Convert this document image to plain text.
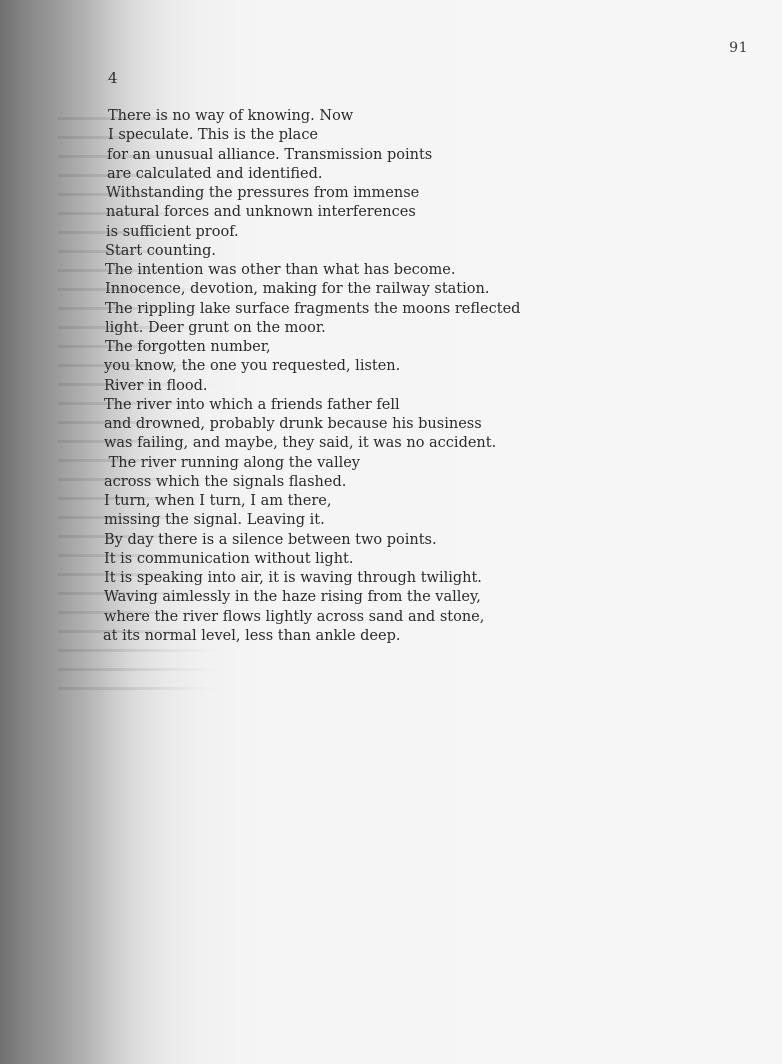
91
4
There is no way of knowing. Now
I speculate. This is the place
for an unusual alliance. Transmission points
are calculated and identified.
Withstanding the pressures from immense
natural forces and unknown interferences
is sufficient proof.
Start counting.
The intention was other than what has become.
Innocence, devotion, making for the railway station.
The rippling lake surface fragments the moons reflected
light. Deer grunt on the moor.
The forgotten number,
you know, the one you requested, listen.
River in flood.
The river into which a friends father fell
and drowned, probably drunk because his business
was failing, and maybe, they said, it was no accident.
The river running along the valley
across which the signals flashed.
I turn, when I turn, I am there,
missing the signal. Leaving it.
By day there is a silence between two points.
It is communication without light.
It is speaking into air, it is waving through twilight.
Waving aimlessly in the haze rising from the valley,
where the river flows lightly across sand and stone,
at its normal level, less than ankle deep.
